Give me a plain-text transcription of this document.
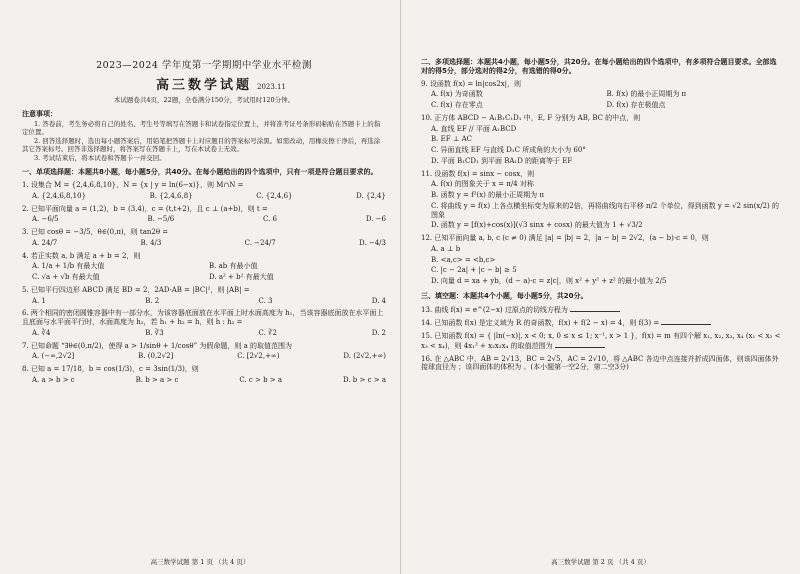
2023—2024 学年度第一学期期中学业水平检测
高三数学试题 2023.11
本试题卷共4页，22题，全卷满分150分，考试用时120分钟。
注意事项：
1. 答卷前，考生务必将自己的姓名、考生号等填写在答题卡和试卷指定位置上，并将准考证号条形码粘贴在答题卡上的指定位置。
2. 回答选择题时，选出每小题答案后，用铅笔把答题卡上对应题目的答案标号涂黑。如需改动，用橡皮擦干净后，再选涂其它答案标号。回答非选择题时，将答案写在答题卡上，写在本试卷上无效。
3. 考试结束后，将本试卷和答题卡一并交回。
一、单项选择题：本题共8小题，每小题5分，共40分。在每小题给出的四个选项中，只有一项是符合题目要求的。
1. 设集合 M = {2,4,6,8,10}，N = {x | y = ln(6−x)}，则 M∩N =
A. {2,4,6,8,10}	B. {2,4,6,8}	C. {2,4,6}	D. {2,4}
2. 已知平面向量 a = (1,2)，b = (3,4)，c = (t,t+2)，且 c ⊥ (a+b)，则 t =
A. −6/5	B. −5/6	C. 6	D. −6
3. 已知 cosθ = −3/5，θ∈(0,π)，则 tan2θ =
A. 24/7	B. 4/3	C. −24/7	D. −4/3
4. 若正实数 a, b 满足 a + b = 2，则
A. 1/a + 1/b 有最大值	B. ab 有最小值
C. √a + √b 有最大值	D. a² + b² 有最大值
5. 已知平行四边形 ABCD 满足 BD = 2，2AD·AB = |BC|²，则 |AB| =
A. 1	B. 2	C. 3	D. 4
6. 两个相同的密闭圆锥容器中有一部分水，为该容器底面放在水平面上时水面高度为 h₁，当该容器底面放在水平面上且底面与水平面平行时，水面高度为 h₂，若 h₁ + h₂ = h，则 h : h₂ =
A. ∛4	B. ∛3	C. ∛2	D. 2
7. 已知命题 “∃θ∈(0,π/2)，使得 a > 1/sinθ + 1/cosθ” 为假命题，则 a 的取值范围为
A. (−∞,2√2]	B. (0,2√2]	C. [2√2,+∞)	D. (2√2,+∞)
8. 已知 a = 17/18，b = cos(1/3)，c = 3sin(1/3)，则
A. a > b > c	B. b > a > c	C. c > b > a	D. b > c > a
高三数学试题 第 1 页 （共 4 页）
二、多项选择题：本题共4小题，每小题5分，共20分。在每小题给出的四个选项中，有多项符合题目要求。全部选对的得5分，部分选对的得2分，有选错的得0分。
9. 设函数 f(x) = ln|cos2x|，则
A. f(x) 为奇函数	B. f(x) 的最小正周期为 π
C. f(x) 存在零点	D. f(x) 存在极值点
10. 正方体 ABCD − A₁B₁C₁D₁ 中，E, F 分别为 AB, BC 的中点，则
A. 直线 EF // 平面 A₁BCD
B. EF ⊥ AC
C. 异面直线 EF 与直线 D₁C 所成角的大小为 60°
D. 平面 B₁CD₁ 到平面 BA₁D 的距离等于 EF
11. 设函数 f(x) = sinx − cosx，则
A. f(x) 的图象关于 x = π/4 对称
B. 函数 y = f²(x) 的最小正周期为 π
C. 将曲线 y = f(x) 上各点横坐标变为原来的2倍，再将曲线向右平移 π/2 个单位，得到函数 y = √2 sin(x/2) 的图象
D. 函数 y = [f(x)+cos(x)](√3 sinx + cosx) 的最大值为 1 + √3/2
12. 已知平面向量 a, b, c (c ≠ 0) 满足 |a| = |b| = 2，|a − b| = 2√2，(a − b)·c = 0，则
A. a ⊥ b
B. <a,c> = <b,c>
C. |c − 2a| + |c − b| ≥ 5
D. 向量 d = xa + yb，(d − a)·c = z|c|，则 x² + y² + z² 的最小值为 2/5
三、填空题：本题共4个小题，每小题5分，共20分。
13. 曲线 f(x) = e^(2−x) 过原点的切线方程为
14. 已知函数 f(x) 是定义域为 R 的奇函数，f(x) + f(2 − x) = 4，则 f(3) =
15. 已知函数 f(x) = { |ln(−x)|, x < 0; x, 0 ≤ x ≤ 1; x⁻¹, x > 1 }，f(x) = m 有四个解 x₁, x₂, x₃, x₄ (x₁ < x₂ < x₃ < x₄)，则 4x₁² + x₂x₃x₄ 的取值范围为
16. 在 △ABC 中，AB = 2√13，BC = 2√5，AC = 2√10，将 △ABC 各边中点连接并折成四面体，则该四面体外接球直径为 ；该四面体的体积为 。(本小题第一空2分，第二空3分)
高三数学试题 第 2 页 （共 4 页）
